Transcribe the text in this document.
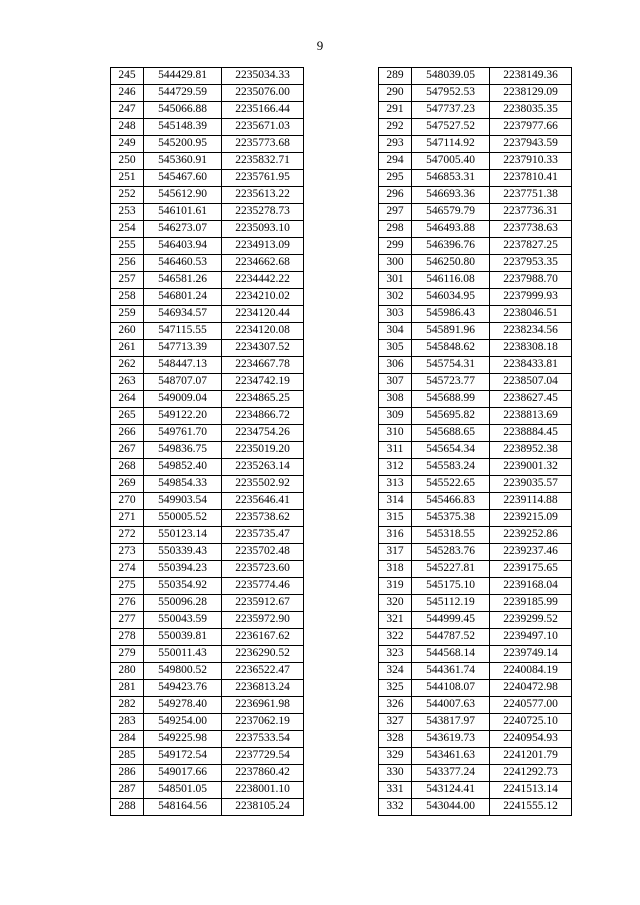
9
245	544429.81	2235034.33
246	544729.59	2235076.00
247	545066.88	2235166.44
248	545148.39	2235671.03
249	545200.95	2235773.68
250	545360.91	2235832.71
251	545467.60	2235761.95
252	545612.90	2235613.22
253	546101.61	2235278.73
254	546273.07	2235093.10
255	546403.94	2234913.09
256	546460.53	2234662.68
257	546581.26	2234442.22
258	546801.24	2234210.02
259	546934.57	2234120.44
260	547115.55	2234120.08
261	547713.39	2234307.52
262	548447.13	2234667.78
263	548707.07	2234742.19
264	549009.04	2234865.25
265	549122.20	2234866.72
266	549761.70	2234754.26
267	549836.75	2235019.20
268	549852.40	2235263.14
269	549854.33	2235502.92
270	549903.54	2235646.41
271	550005.52	2235738.62
272	550123.14	2235735.47
273	550339.43	2235702.48
274	550394.23	2235723.60
275	550354.92	2235774.46
276	550096.28	2235912.67
277	550043.59	2235972.90
278	550039.81	2236167.62
279	550011.43	2236290.52
280	549800.52	2236522.47
281	549423.76	2236813.24
282	549278.40	2236961.98
283	549254.00	2237062.19
284	549225.98	2237533.54
285	549172.54	2237729.54
286	549017.66	2237860.42
287	548501.05	2238001.10
288	548164.56	2238105.24
289	548039.05	2238149.36
290	547952.53	2238129.09
291	547737.23	2238035.35
292	547527.52	2237977.66
293	547114.92	2237943.59
294	547005.40	2237910.33
295	546853.31	2237810.41
296	546693.36	2237751.38
297	546579.79	2237736.31
298	546493.88	2237738.63
299	546396.76	2237827.25
300	546250.80	2237953.35
301	546116.08	2237988.70
302	546034.95	2237999.93
303	545986.43	2238046.51
304	545891.96	2238234.56
305	545848.62	2238308.18
306	545754.31	2238433.81
307	545723.77	2238507.04
308	545688.99	2238627.45
309	545695.82	2238813.69
310	545688.65	2238884.45
311	545654.34	2238952.38
312	545583.24	2239001.32
313	545522.65	2239035.57
314	545466.83	2239114.88
315	545375.38	2239215.09
316	545318.55	2239252.86
317	545283.76	2239237.46
318	545227.81	2239175.65
319	545175.10	2239168.04
320	545112.19	2239185.99
321	544999.45	2239299.52
322	544787.52	2239497.10
323	544568.14	2239749.14
324	544361.74	2240084.19
325	544108.07	2240472.98
326	544007.63	2240577.00
327	543817.97	2240725.10
328	543619.73	2240954.93
329	543461.63	2241201.79
330	543377.24	2241292.73
331	543124.41	2241513.14
332	543044.00	2241555.12
